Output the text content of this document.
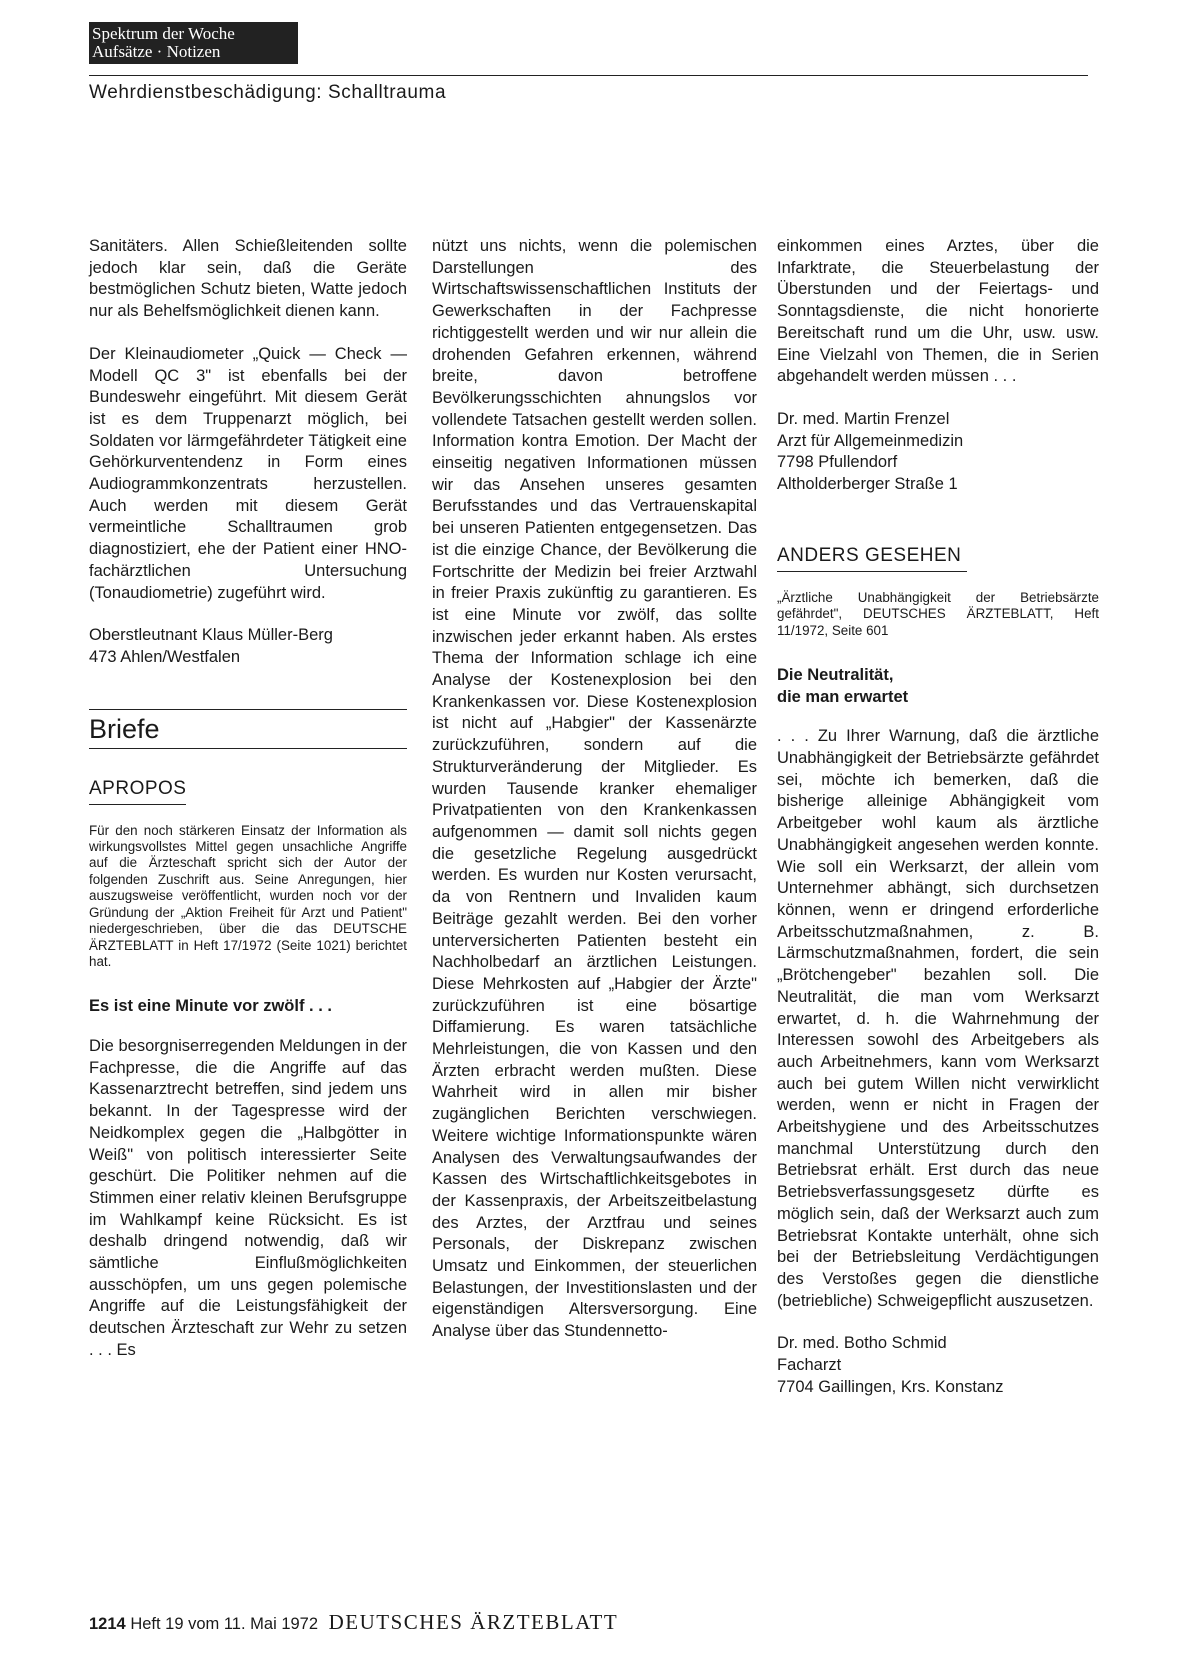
Spektrum der Woche
Aufsätze · Notizen
Wehrdienstbeschädigung: Schalltrauma

Sanitäters. Allen Schießleitenden sollte jedoch klar sein, daß die Geräte bestmöglichen Schutz bieten, Watte jedoch nur als Behelfsmöglichkeit dienen kann.

Der Kleinaudiometer „Quick — Check — Modell QC 3" ist ebenfalls bei der Bundeswehr eingeführt. Mit diesem Gerät ist es dem Truppenarzt möglich, bei Soldaten vor lärmgefährdeter Tätigkeit eine Gehörkurventendenz in Form eines Audiogrammkonzentrats herzustellen. Auch werden mit diesem Gerät vermeintliche Schalltraumen grob diagnostiziert, ehe der Patient einer HNO-fachärztlichen Untersuchung (Tonaudiometrie) zugeführt wird.

Oberstleutnant Klaus Müller-Berg

473 Ahlen/Westfalen

Briefe
APROPOS

Für den noch stärkeren Einsatz der Information als wirkungsvollstes Mittel gegen unsachliche Angriffe auf die Ärzteschaft spricht sich der Autor der folgenden Zuschrift aus. Seine Anregungen, hier auszugsweise veröffentlicht, wurden noch vor der Gründung der „Aktion Freiheit für Arzt und Patient" niedergeschrieben, über die das DEUTSCHE ÄRZTEBLATT in Heft 17/1972 (Seite 1021) berichtet hat.

Es ist eine Minute vor zwölf . . .

Die besorgniserregenden Meldungen in der Fachpresse, die die Angriffe auf das Kassenarztrecht betreffen, sind jedem uns bekannt. In der Tagespresse wird der Neidkomplex gegen die „Halbgötter in Weiß" von politisch interessierter Seite geschürt. Die Politiker nehmen auf die Stimmen einer relativ kleinen Berufsgruppe im Wahlkampf keine Rücksicht. Es ist deshalb dringend notwendig, daß wir sämtliche Einflußmöglichkeiten ausschöpfen, um uns gegen polemische Angriffe auf die Leistungsfähigkeit der deutschen Ärzteschaft zur Wehr zu setzen . . . Es

nützt uns nichts, wenn die polemischen Darstellungen des Wirtschaftswissenschaftlichen Instituts der Gewerkschaften in der Fachpresse richtiggestellt werden und wir nur allein die drohenden Gefahren erkennen, während breite, davon betroffene Bevölkerungsschichten ahnungslos vor vollendete Tatsachen gestellt werden sollen. Information kontra Emotion. Der Macht der einseitig negativen Informationen müssen wir das Ansehen unseres gesamten Berufsstandes und das Vertrauenskapital bei unseren Patienten entgegensetzen. Das ist die einzige Chance, der Bevölkerung die Fortschritte der Medizin bei freier Arztwahl in freier Praxis zukünftig zu garantieren. Es ist eine Minute vor zwölf, das sollte inzwischen jeder erkannt haben. Als erstes Thema der Information schlage ich eine Analyse der Kostenexplosion bei den Krankenkassen vor. Diese Kostenexplosion ist nicht auf „Habgier" der Kassenärzte zurückzuführen, sondern auf die Strukturveränderung der Mitglieder. Es wurden Tausende kranker ehemaliger Privatpatienten von den Krankenkassen aufgenommen — damit soll nichts gegen die gesetzliche Regelung ausgedrückt werden. Es wurden nur Kosten verursacht, da von Rentnern und Invaliden kaum Beiträge gezahlt werden. Bei den vorher unterversicherten Patienten besteht ein Nachholbedarf an ärztlichen Leistungen. Diese Mehrkosten auf „Habgier der Ärzte" zurückzuführen ist eine bösartige Diffamierung. Es waren tatsächliche Mehrleistungen, die von Kassen und den Ärzten erbracht werden mußten. Diese Wahrheit wird in allen mir bisher zugänglichen Berichten verschwiegen. Weitere wichtige Informationspunkte wären Analysen des Verwaltungsaufwandes der Kassen des Wirtschaftlichkeitsgebotes in der Kassenpraxis, der Arbeitszeitbelastung des Arztes, der Arztfrau und seines Personals, der Diskrepanz zwischen Umsatz und Einkommen, der steuerlichen Belastungen, der Investitionslasten und der eigenständigen Altersversorgung. Eine Analyse über das Stundennetto-

einkommen eines Arztes, über die Infarktrate, die Steuerbelastung der Überstunden und der Feiertags- und Sonntagsdienste, die nicht honorierte Bereitschaft rund um die Uhr, usw. usw. Eine Vielzahl von Themen, die in Serien abgehandelt werden müssen . . .

Dr. med. Martin Frenzel

Arzt für Allgemeinmedizin

7798 Pfullendorf

Altholderberger Straße 1

ANDERS GESEHEN

„Ärztliche Unabhängigkeit der Betriebsärzte gefährdet", DEUTSCHES ÄRZTEBLATT, Heft 11/1972, Seite 601

Die Neutralität,

die man erwartet

. . . Zu Ihrer Warnung, daß die ärztliche Unabhängigkeit der Betriebsärzte gefährdet sei, möchte ich bemerken, daß die bisherige alleinige Abhängigkeit vom Arbeitgeber wohl kaum als ärztliche Unabhängigkeit angesehen werden konnte. Wie soll ein Werksarzt, der allein vom Unternehmer abhängt, sich durchsetzen können, wenn er dringend erforderliche Arbeitsschutzmaßnahmen, z. B. Lärmschutzmaßnahmen, fordert, die sein „Brötchengeber" bezahlen soll. Die Neutralität, die man vom Werksarzt erwartet, d. h. die Wahrnehmung der Interessen sowohl des Arbeitgebers als auch Arbeitnehmers, kann vom Werksarzt auch bei gutem Willen nicht verwirklicht werden, wenn er nicht in Fragen der Arbeitshygiene und des Arbeitsschutzes manchmal Unterstützung durch den Betriebsrat erhält. Erst durch das neue Betriebsverfassungsgesetz dürfte es möglich sein, daß der Werksarzt auch zum Betriebsrat Kontakte unterhält, ohne sich bei der Betriebsleitung Verdächtigungen des Verstoßes gegen die dienstliche (betriebliche) Schweigepflicht auszusetzen.

Dr. med. Botho Schmid

Facharzt

7704 Gaillingen, Krs. Konstanz

1214 Heft 19 vom 11. Mai 1972 DEUTSCHES ÄRZTEBLATT
